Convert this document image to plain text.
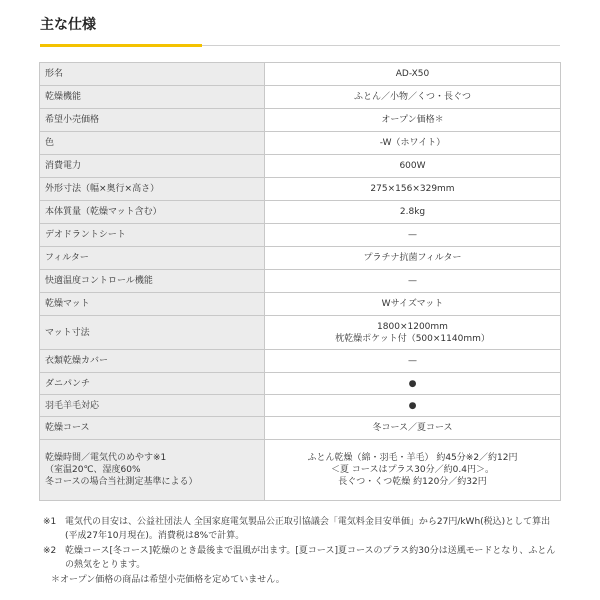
主な仕様
形名	AD-X50
乾燥機能	ふとん／小物／くつ・長ぐつ
希望小売価格	オープン価格＊
色	-W（ホワイト）
消費電力	600W
外形寸法（幅×奥行×高さ）	275×156×329mm
本体質量（乾燥マット含む）	2.8kg
デオドラントシート	—
フィルター	プラチナ抗菌フィルター
快適温度コントロール機能	—
乾燥マット	Wサイズマット
マット寸法	1800×1200mm
枕乾燥ポケット付（500×1140mm）

衣類乾燥カバー	—
ダニパンチ	●
羽毛羊毛対応	●
乾燥コース	冬コース／夏コース

乾燥時間／電気代のめやす※1
（室温20℃、湿度60%
冬コースの場合当社測定基準による）	ふとん乾燥（綿・羽毛・羊毛） 約45分※2／約12円
＜夏 コースはプラス30分／約0.4円＞。
長ぐつ・くつ乾燥 約120分／約32円
※1 電気代の目安は、公益社団法人 全国家庭電気製品公正取引協議会「電気料金目安単価」から27円/kWh(税込)として算出(平成27年10月現在)。消費税は8%で計算。
※2 乾燥コース[冬コース]乾燥のとき最後まで温風が出ます。[夏コース]夏コースのプラス約30分は送風モードとなり、ふとんの熱気をとります。
＊ オープン価格の商品は希望小売価格を定めていません。
